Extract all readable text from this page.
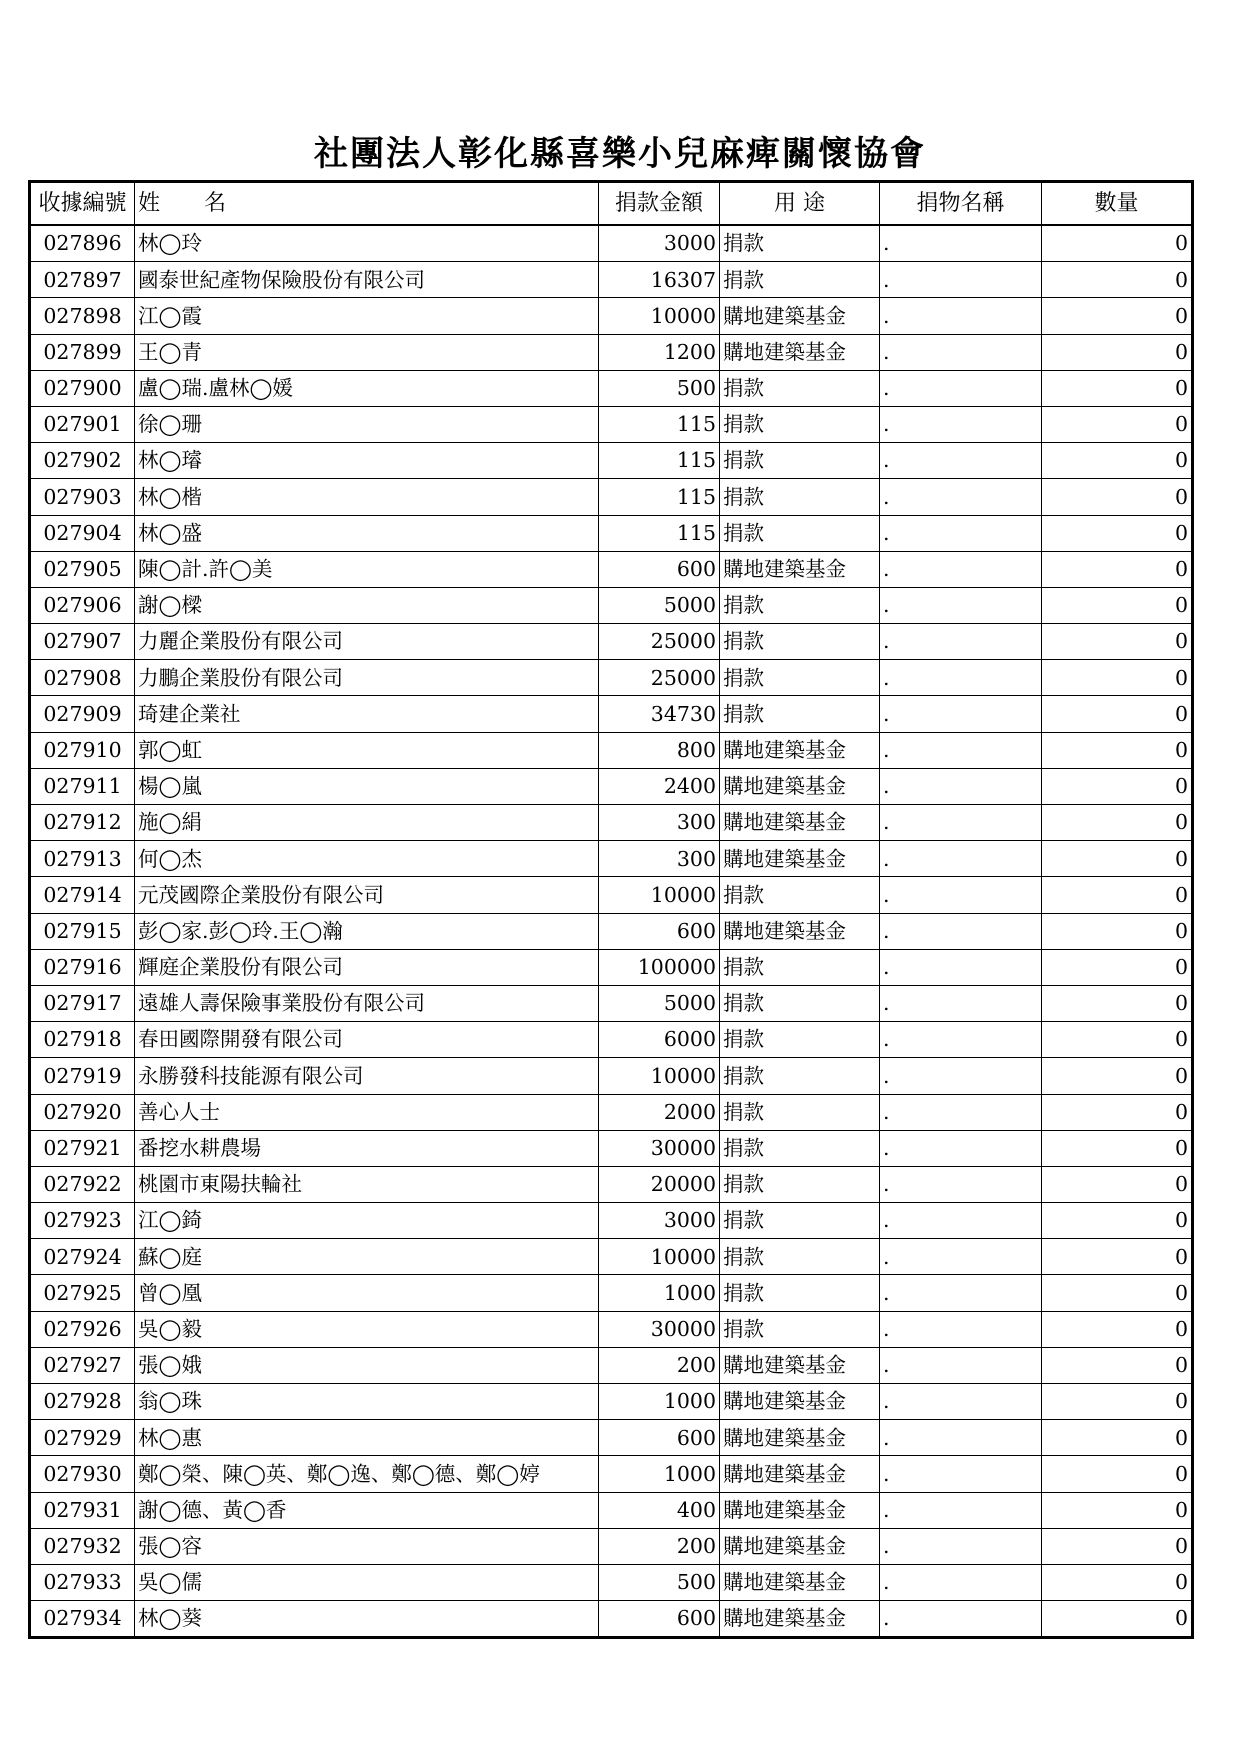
社團法人彰化縣喜樂小兒麻痺關懷協會
收據編號	姓　　名	捐款金額	用 途	捐物名稱	數量
027896	林◯玲	3000	捐款	.	0
027897	國泰世紀產物保險股份有限公司	16307	捐款	.	0
027898	江◯霞	10000	購地建築基金	.	0
027899	王◯青	1200	購地建築基金	.	0
027900	盧◯瑞.盧林◯媛	500	捐款	.	0
027901	徐◯珊	115	捐款	.	0
027902	林◯璿	115	捐款	.	0
027903	林◯楷	115	捐款	.	0
027904	林◯盛	115	捐款	.	0
027905	陳◯計.許◯美	600	購地建築基金	.	0
027906	謝◯樑	5000	捐款	.	0
027907	力麗企業股份有限公司	25000	捐款	.	0
027908	力鵬企業股份有限公司	25000	捐款	.	0
027909	琦建企業社	34730	捐款	.	0
027910	郭◯虹	800	購地建築基金	.	0
027911	楊◯嵐	2400	購地建築基金	.	0
027912	施◯絹	300	購地建築基金	.	0
027913	何◯杰	300	購地建築基金	.	0
027914	元茂國際企業股份有限公司	10000	捐款	.	0
027915	彭◯家.彭◯玲.王◯瀚	600	購地建築基金	.	0
027916	輝庭企業股份有限公司	100000	捐款	.	0
027917	遠雄人壽保險事業股份有限公司	5000	捐款	.	0
027918	春田國際開發有限公司	6000	捐款	.	0
027919	永勝發科技能源有限公司	10000	捐款	.	0
027920	善心人士	2000	捐款	.	0
027921	番挖水耕農場	30000	捐款	.	0
027922	桃園市東陽扶輪社	20000	捐款	.	0
027923	江◯錡	3000	捐款	.	0
027924	蘇◯庭	10000	捐款	.	0
027925	曾◯凰	1000	捐款	.	0
027926	吳◯毅	30000	捐款	.	0
027927	張◯娥	200	購地建築基金	.	0
027928	翁◯珠	1000	購地建築基金	.	0
027929	林◯惠	600	購地建築基金	.	0
027930	鄭◯榮、陳◯英、鄭◯逸、鄭◯德、鄭◯婷	1000	購地建築基金	.	0
027931	謝◯德、黃◯香	400	購地建築基金	.	0
027932	張◯容	200	購地建築基金	.	0
027933	吳◯儒	500	購地建築基金	.	0
027934	林◯葵	600	購地建築基金	.	0
